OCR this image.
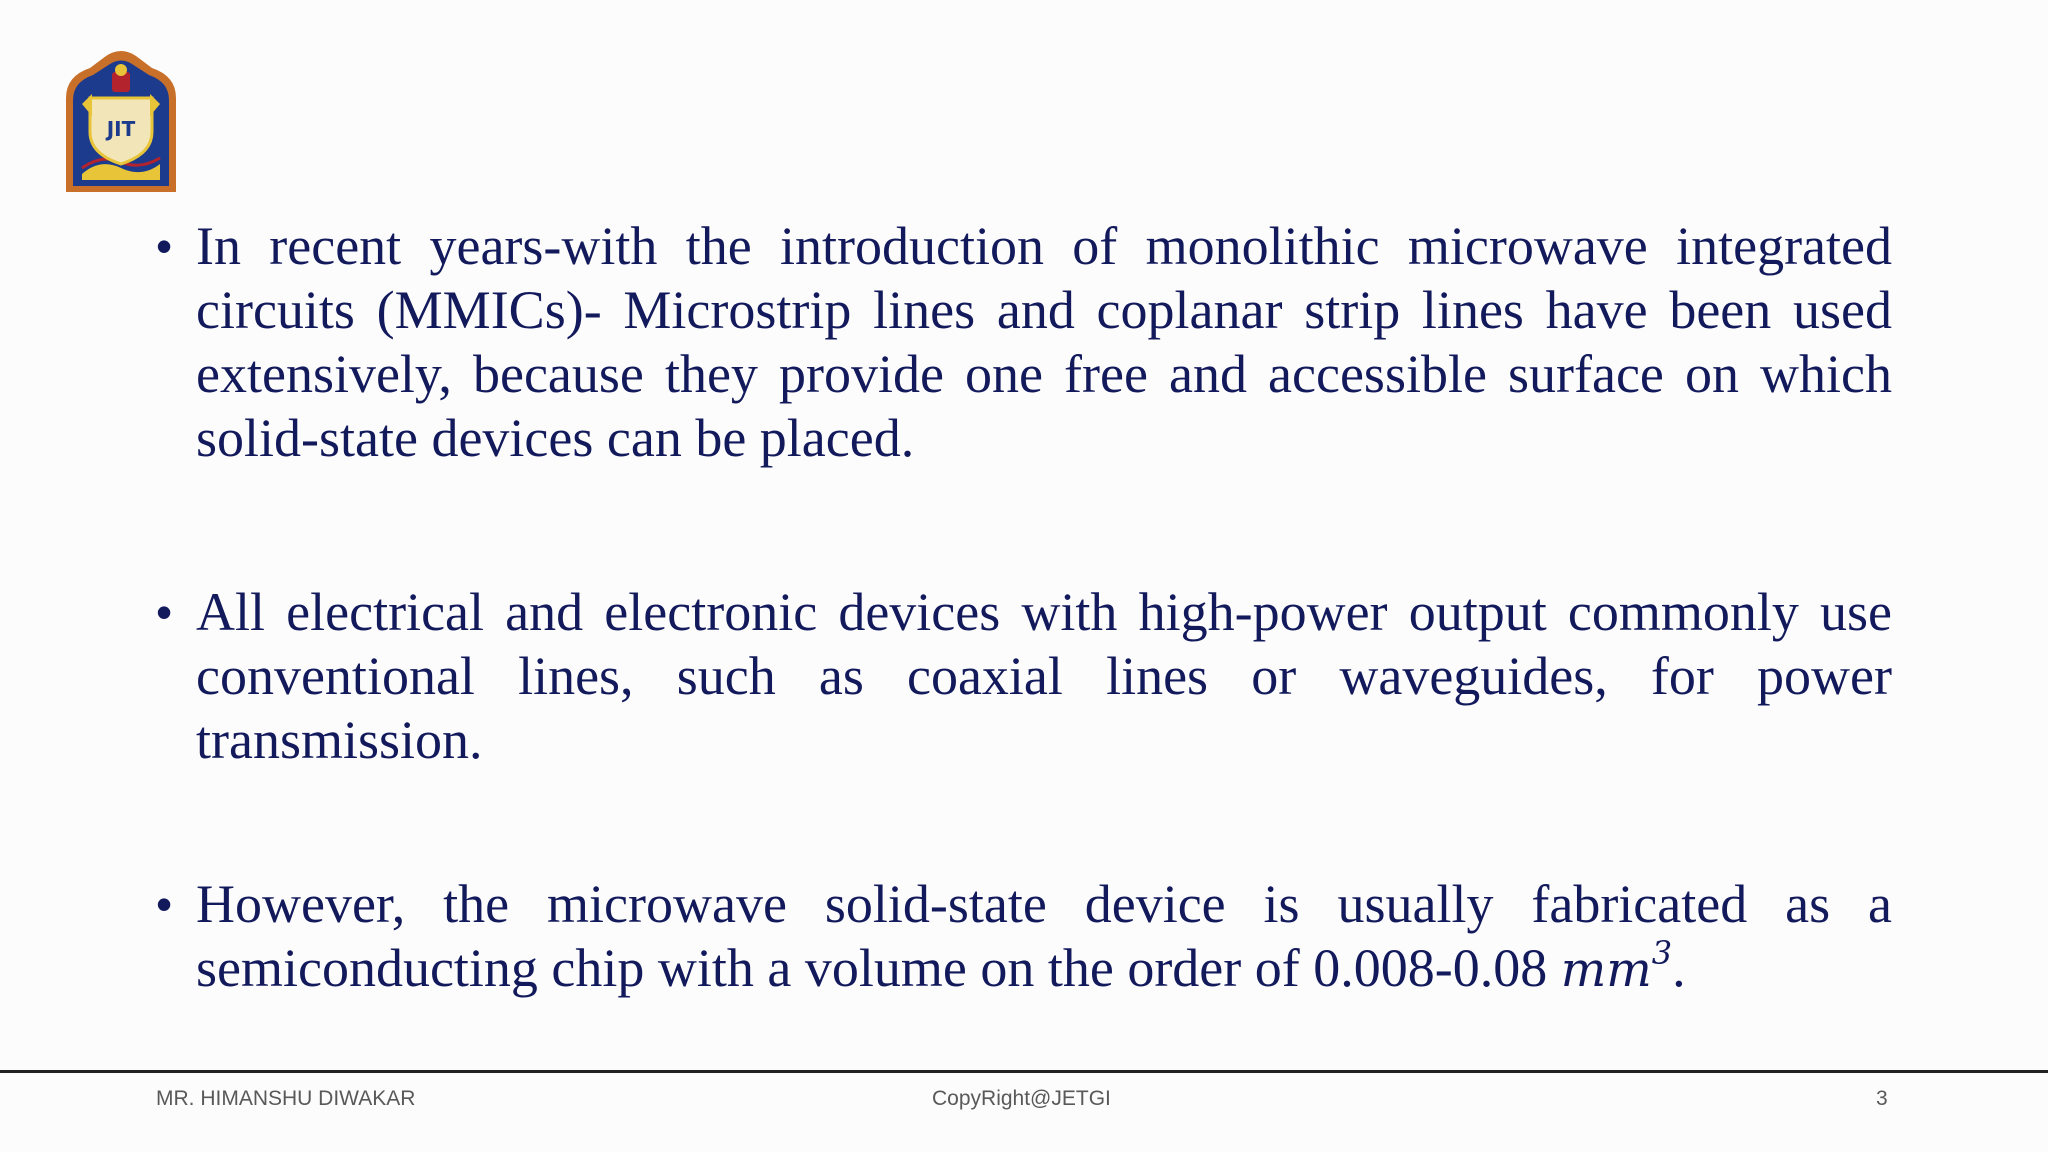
JIT
• In recent years-with the introduction of monolithic microwave integrated circuits (MMICs)- Microstrip lines and coplanar strip lines have been used extensively, because they provide one free and accessible surface on which solid-state devices can be placed.
• All electrical and electronic devices with high-power output commonly use conventional lines, such as coaxial lines or waveguides, for power transmission.
• However, the microwave solid-state device is usually fabricated as a semiconducting chip with a volume on the order of 0.008-0.08 $mm^3$.
MR. HIMANSHU DIWAKAR	CopyRight@JETGI	3
